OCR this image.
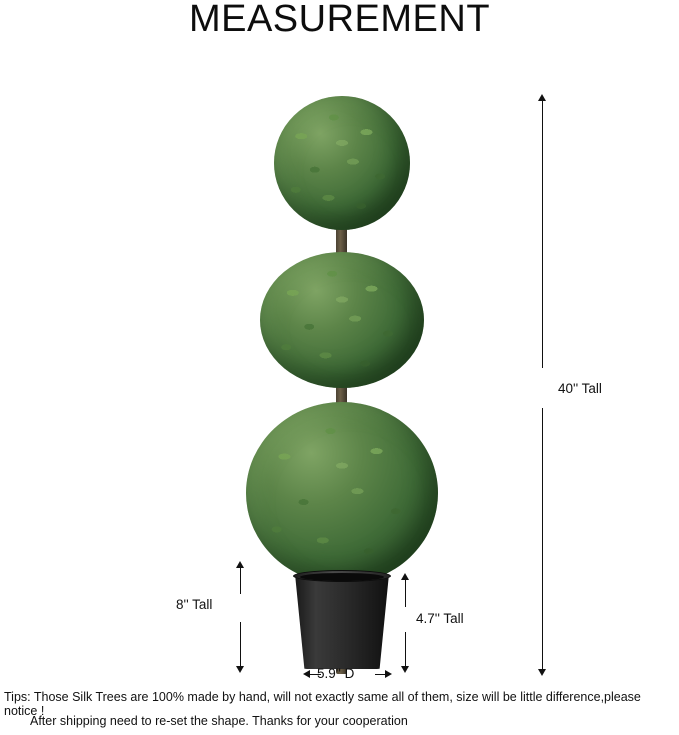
MEASUREMENT
40'' Tall
8'' Tall
4.7'' Tall
5.9'' D
Tips: Those Silk Trees are 100% made by hand, will not exactly same all of them, size will be little difference,please notice !
After shipping need to re-set the shape. Thanks for your cooperation
